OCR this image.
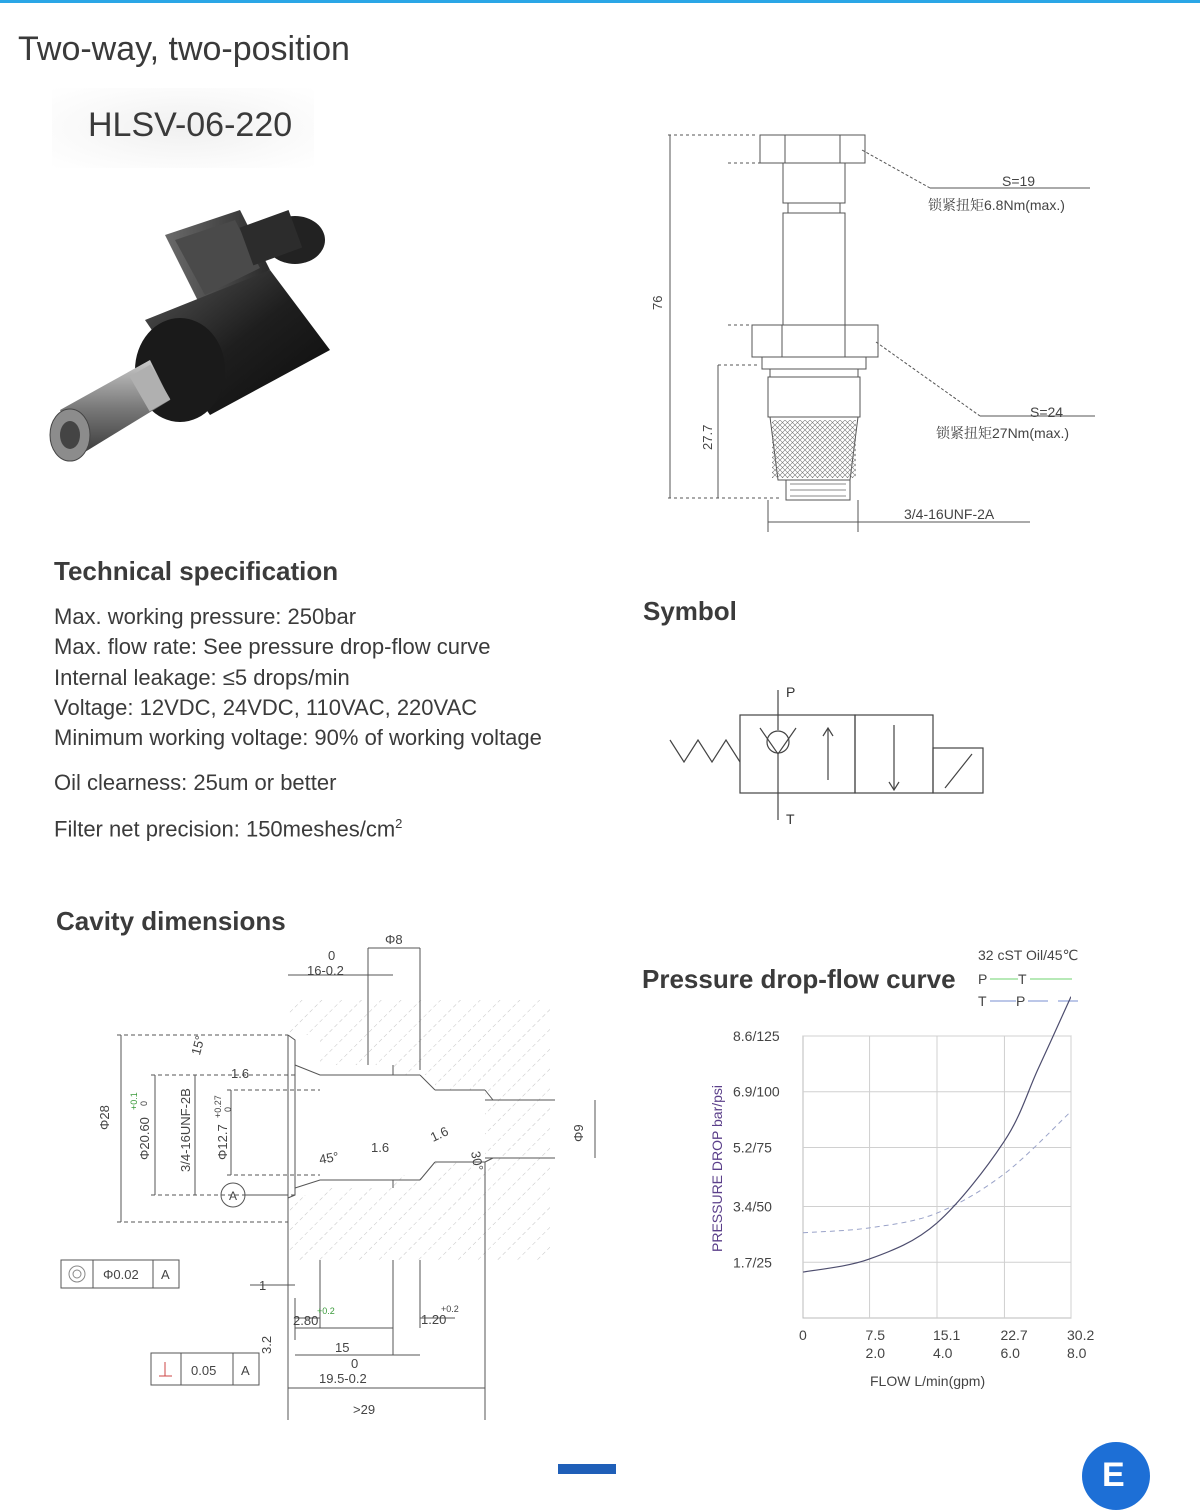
Two-way, two-position
HLSV-06-220
76
27.7
S=19
锁紧扭矩6.8Nm(max.)
S=24
锁紧扭矩27Nm(max.)
3/4-16UNF-2A
Technical specification
Max. working pressure: 250bar
Max. flow rate: See pressure drop-flow curve
Internal leakage: ≤5 drops/min
Voltage: 12VDC, 24VDC, 110VAC, 220VAC
Minimum working voltage: 90% of working voltage
Oil clearness: 25um or better
Filter net precision: $150meshes/cm^2$
Symbol
P
T
Cavity dimensions
Φ8
0
16-0.2
15°
1.6
Φ28 Φ20.60
+0.1 0 3/4-16UNF-2B Φ12.7
+0.27 0
45°
1.6
1.6
30°
Φ9
A
Φ0.02 A
1
2.80
+0.2
1.20
+0.2
3.2	15
0
19.5-0.2
>29
0.05 A
Pressure drop-flow curve
32 cST Oil/45℃
P T
T P
0	7.5
2.0
15.1
4.0
22.7
6.0
30.2
8.0
1.7/25
3.4/50
5.2/75
6.9/100
8.6/125
PRESSURE DROP bar/psi
FLOW L/min(gpm)
E
